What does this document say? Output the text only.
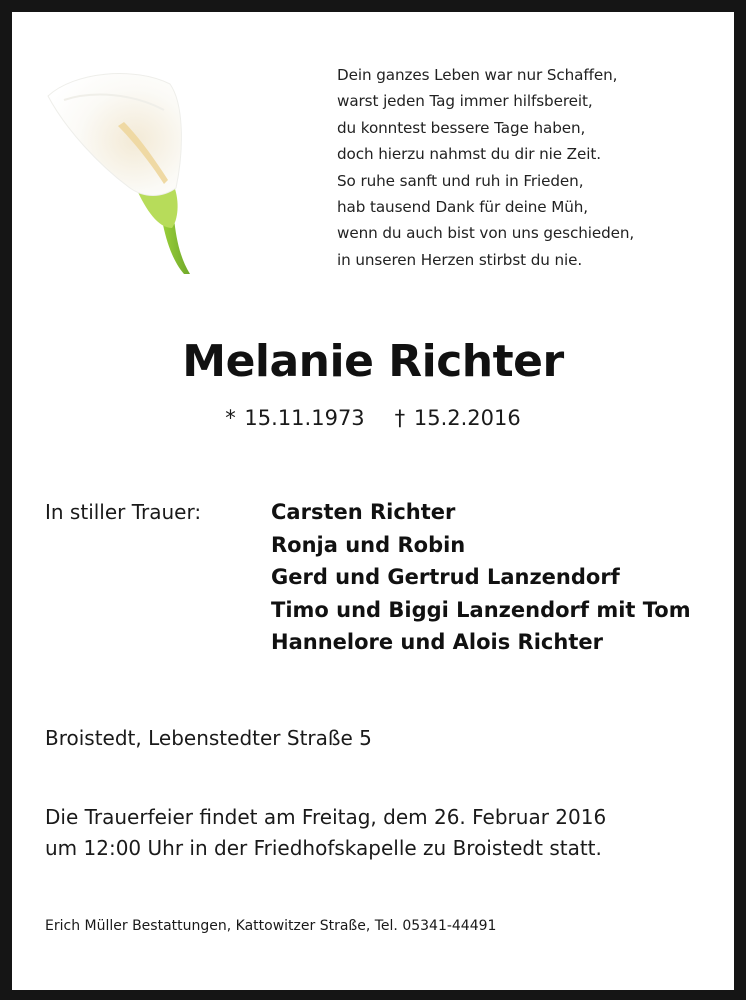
Dein ganzes Leben war nur Schaffen,
warst jeden Tag immer hilfsbereit,
du konntest bessere Tage haben,
doch hierzu nahmst du dir nie Zeit.
So ruhe sanft und ruh in Frieden,
hab tausend Dank für deine Müh,
wenn du auch bist von uns geschieden,
in unseren Herzen stirbst du nie.
Melanie Richter
* 15.11.1973 † 15.2.2016
In stiller Trauer:	Carsten Richter
Ronja und Robin
Gerd und Gertrud Lanzendorf
Timo und Biggi Lanzendorf mit Tom
Hannelore und Alois Richter
Broistedt, Lebenstedter Straße 5
Die Trauerfeier findet am Freitag, dem 26. Februar 2016
um 12:00 Uhr in der Friedhofskapelle zu Broistedt statt.
Erich Müller Bestattungen, Kattowitzer Straße, Tel. 05341-44491
